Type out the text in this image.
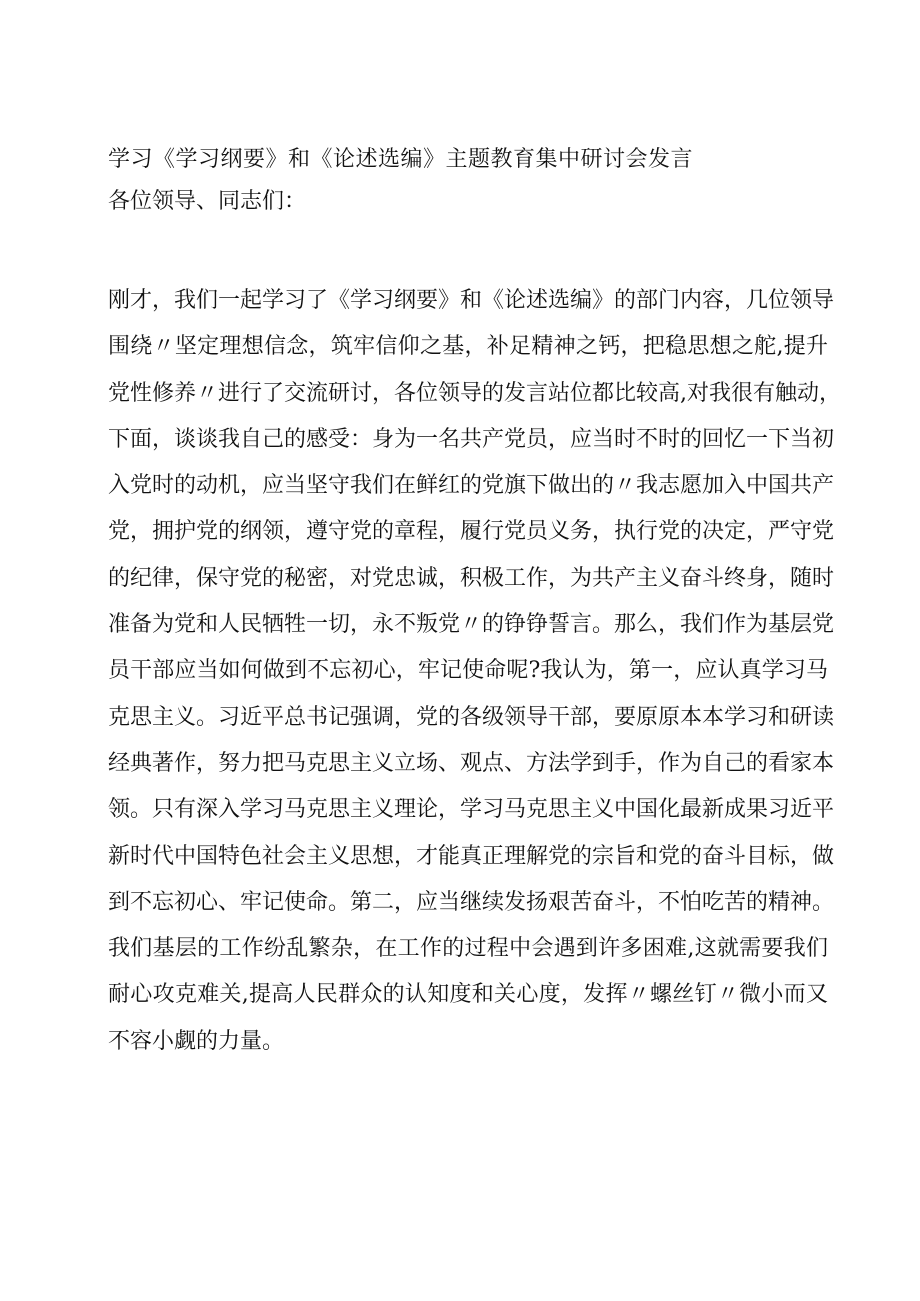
学习《学习纲要》和《论述选编》主题教育集中研讨会发言
各位领导、同志们：
刚才，我们一起学习了《学习纲要》和《论述选编》的部门内容，几位领导
围绕〃坚定理想信念，筑牢信仰之基，补足精神之钙，把稳思想之舵,提升
党性修养〃进行了交流研讨，各位领导的发言站位都比较高,对我很有触动，
下面，谈谈我自己的感受：身为一名共产党员，应当时不时的回忆一下当初
入党时的动机，应当坚守我们在鲜红的党旗下做出的〃我志愿加入中国共产
党，拥护党的纲领，遵守党的章程，履行党员义务，执行党的决定，严守党
的纪律，保守党的秘密，对党忠诚，积极工作，为共产主义奋斗终身，随时
准备为党和人民牺牲一切，永不叛党〃的铮铮誓言。那么，我们作为基层党
员干部应当如何做到不忘初心，牢记使命呢?我认为，第一，应认真学习马
克思主义。习近平总书记强调，党的各级领导干部，要原原本本学习和研读
经典著作，努力把马克思主义立场、观点、方法学到手，作为自己的看家本
领。只有深入学习马克思主义理论，学习马克思主义中国化最新成果习近平
新时代中国特色社会主义思想，才能真正理解党的宗旨和党的奋斗目标，做
到不忘初心、牢记使命。第二，应当继续发扬艰苦奋斗，不怕吃苦的精神。
我们基层的工作纷乱繁杂，在工作的过程中会遇到许多困难,这就需要我们
耐心攻克难关,提高人民群众的认知度和关心度，发挥〃螺丝钉〃微小而又
不容小觑的力量。
